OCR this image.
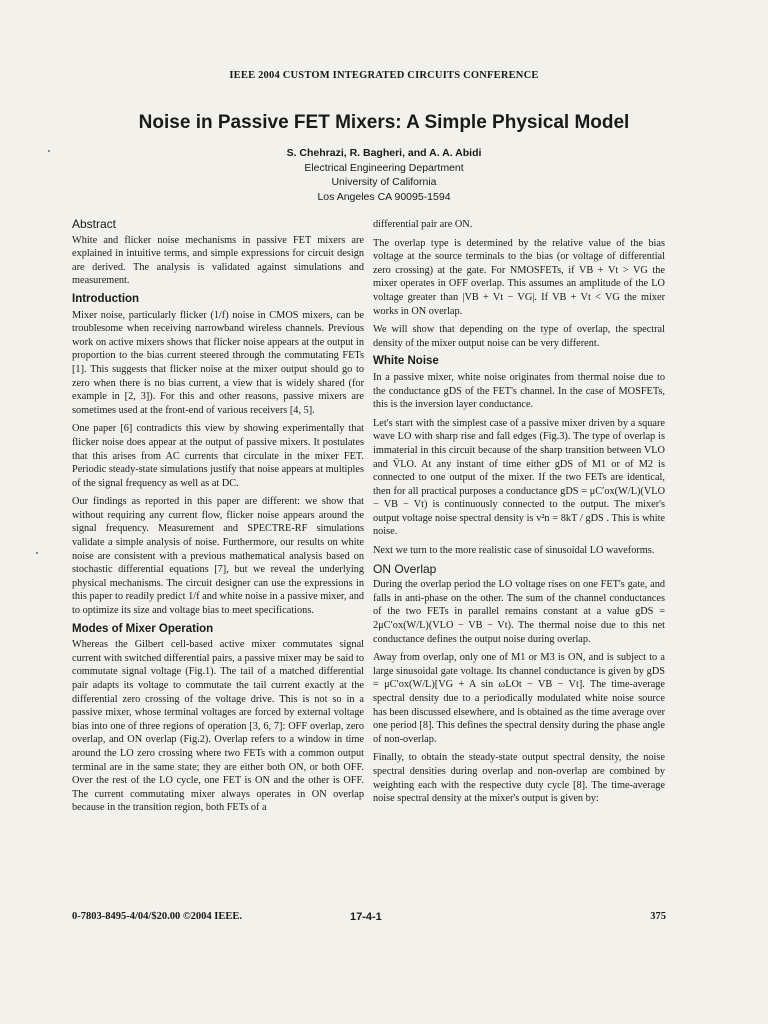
IEEE 2004 CUSTOM INTEGRATED CIRCUITS CONFERENCE
Noise in Passive FET Mixers: A Simple Physical Model
S. Chehrazi, R. Bagheri, and A. A. Abidi
Electrical Engineering Department
University of California
Los Angeles CA 90095-1594
Abstract

White and flicker noise mechanisms in passive FET mixers are explained in intuitive terms, and simple expressions for circuit design are derived. The analysis is validated against simulations and measurement.

Introduction

Mixer noise, particularly flicker (1/f) noise in CMOS mixers, can be troublesome when receiving narrowband wireless channels. Previous work on active mixers shows that flicker noise appears at the output in proportion to the bias current steered through the commutating FETs [1]. This suggests that flicker noise at the mixer output should go to zero when there is no bias current, a view that is widely shared (for example in [2, 3]). For this and other reasons, passive mixers are sometimes used at the front-end of various receivers [4, 5].

One paper [6] contradicts this view by showing experimentally that flicker noise does appear at the output of passive mixers. It postulates that this arises from AC currents that circulate in the mixer FET. Periodic steady-state simulations justify that noise appears at multiples of the signal frequency as well as at DC.

Our findings as reported in this paper are different: we show that without requiring any current flow, flicker noise appears around the signal frequency. Measurement and SPECTRE-RF simulations validate a simple analysis of noise. Furthermore, our results on white noise are consistent with a previous mathematical analysis based on stochastic differential equations [7], but we reveal the underlying physical mechanisms. The circuit designer can use the expressions in this paper to readily predict 1/f and white noise in a passive mixer, and to optimize its size and voltage bias to meet specifications.

Modes of Mixer Operation

Whereas the Gilbert cell-based active mixer commutates signal current with switched differential pairs, a passive mixer may be said to commutate signal voltage (Fig.1). The tail of a matched differential pair adapts its voltage to commutate the tail current exactly at the differential zero crossing of the voltage drive. This is not so in a passive mixer, whose terminal voltages are forced by external voltage bias into one of three regions of operation [3, 6, 7]: OFF overlap, zero overlap, and ON overlap (Fig.2). Overlap refers to a window in time around the LO zero crossing where two FETs with a common output terminal are in the same state; they are either both ON, or both OFF. Over the rest of the LO cycle, one FET is ON and the other is OFF. The current commutating mixer always operates in ON overlap because in the transition region, both FETs of a

differential pair are ON.

The overlap type is determined by the relative value of the bias voltage at the source terminals to the bias (or voltage of differential zero crossing) at the gate. For NMOSFETs, if VB + Vt > VG the mixer operates in OFF overlap. This assumes an amplitude of the LO voltage greater than |VB + Vt − VG|. If VB + Vt < VG the mixer works in ON overlap.

We will show that depending on the type of overlap, the spectral density of the mixer output noise can be very different.

White Noise

In a passive mixer, white noise originates from thermal noise due to the conductance gDS of the FET's channel. In the case of MOSFETs, this is the inversion layer conductance.

Let's start with the simplest case of a passive mixer driven by a square wave LO with sharp rise and fall edges (Fig.3). The type of overlap is immaterial in this circuit because of the sharp transition between VLO and V̄LO. At any instant of time either gDS of M1 or of M2 is connected to one output of the mixer. If the two FETs are identical, then for all practical purposes a conductance gDS = μC′ox(W/L)(VLO − VB − Vt) is continuously connected to the output. The mixer's output voltage noise spectral density is v²n = 8kT / gDS . This is white noise.

Next we turn to the more realistic case of sinusoidal LO waveforms.

ON Overlap

During the overlap period the LO voltage rises on one FET's gate, and falls in anti-phase on the other. The sum of the channel conductances of the two FETs in parallel remains constant at a value gDS = 2μC′ox(W/L)(VLO − VB − Vt). The thermal noise due to this net conductance defines the output noise during overlap.

Away from overlap, only one of M1 or M3 is ON, and is subject to a large sinusoidal gate voltage. Its channel conductance is given by gDS = μC′ox(W/L)[VG + A sin ωLOt − VB − Vt]. The time-average spectral density due to a periodically modulated white noise source has been discussed elsewhere, and is obtained as the time average over one period [8]. This defines the spectral density during the phase angle of non-overlap.

Finally, to obtain the steady-state output spectral density, the noise spectral densities during overlap and non-overlap are combined by weighting each with the respective duty cycle [8]. The time-average noise spectral density at the mixer's output is given by:

0-7803-8495-4/04/$20.00 ©2004 IEEE.	17-4-1	375
